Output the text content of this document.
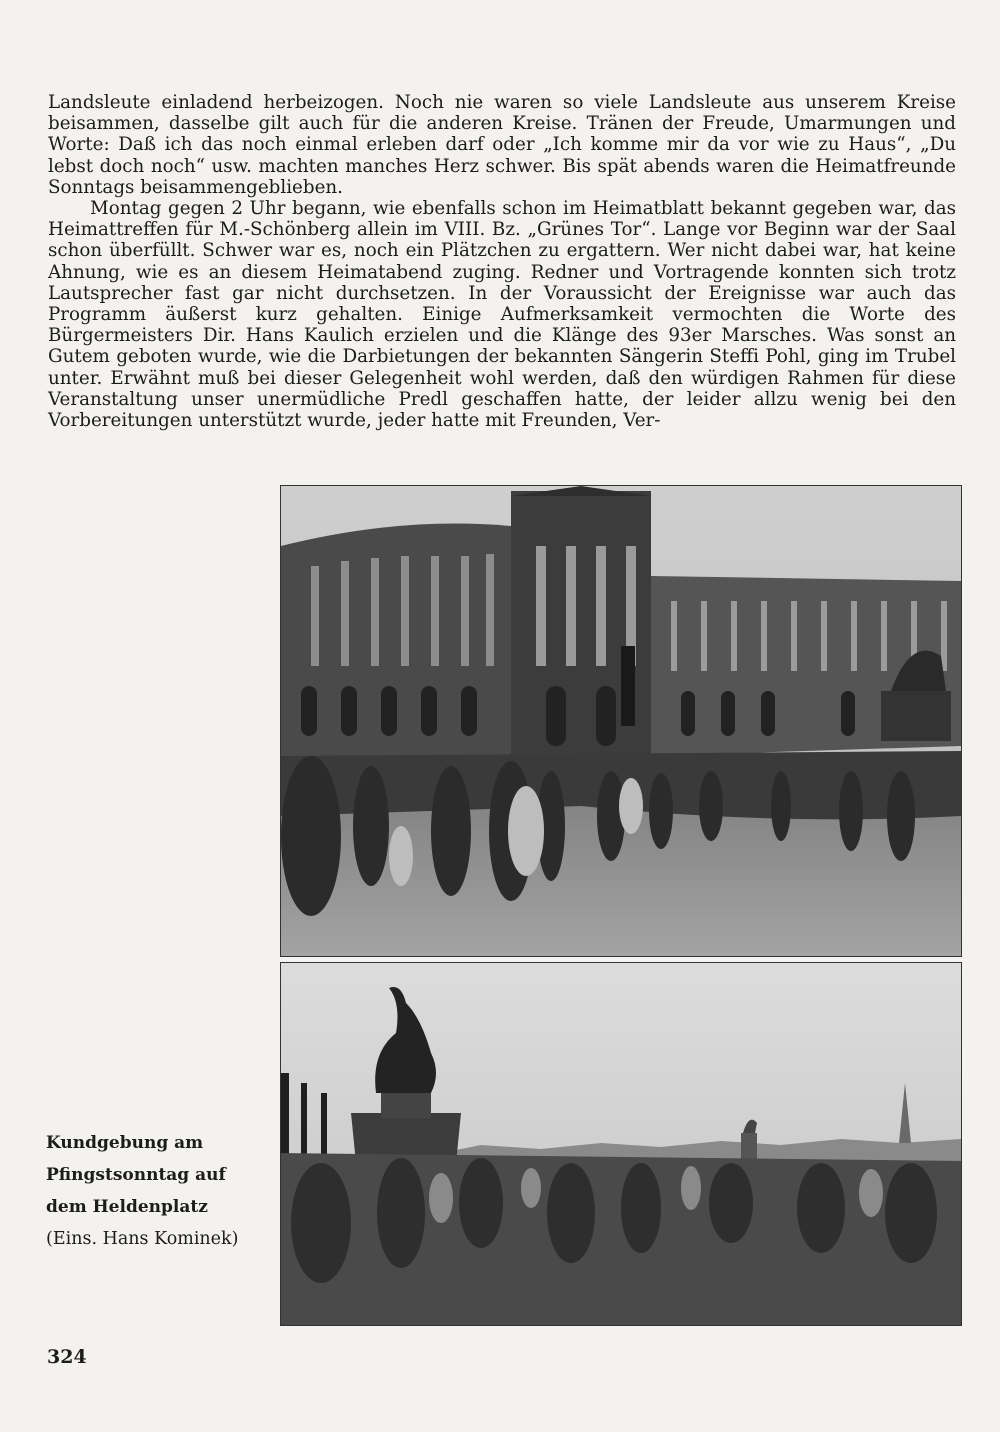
Landsleute einladend herbeizogen. Noch nie waren so viele Landsleute aus unserem Kreise beisammen, dasselbe gilt auch für die anderen Kreise. Tränen der Freude, Umarmungen und Worte: Daß ich das noch einmal erleben darf oder „Ich komme mir da vor wie zu Haus“, „Du lebst doch noch“ usw. machten manches Herz schwer. Bis spät abends waren die Heimatfreunde Sonntags beisammengeblieben.

Montag gegen 2 Uhr begann, wie ebenfalls schon im Heimatblatt bekannt gegeben war, das Heimattreffen für M.-Schönberg allein im VIII. Bz. „Grünes Tor“. Lange vor Beginn war der Saal schon überfüllt. Schwer war es, noch ein Plätzchen zu ergattern. Wer nicht dabei war, hat keine Ahnung, wie es an diesem Heimatabend zuging. Redner und Vortragende konnten sich trotz Lautsprecher fast gar nicht durchsetzen. In der Voraussicht der Ereignisse war auch das Programm äußerst kurz gehalten. Einige Aufmerksamkeit vermochten die Worte des Bürgermeisters Dir. Hans Kaulich erzielen und die Klänge des 93er Marsches. Was sonst an Gutem geboten wurde, wie die Darbietungen der bekannten Sängerin Steffi Pohl, ging im Trubel unter. Erwähnt muß bei dieser Gelegenheit wohl werden, daß den würdigen Rahmen für diese Veranstaltung unser unermüdliche Predl geschaffen hatte, der leider allzu wenig bei den Vorbereitungen unterstützt wurde, jeder hatte mit Freunden, Ver-

Kundgebung am
Pfingstsonntag auf
dem Heldenplatz
(Eins. Hans Kominek)
324
